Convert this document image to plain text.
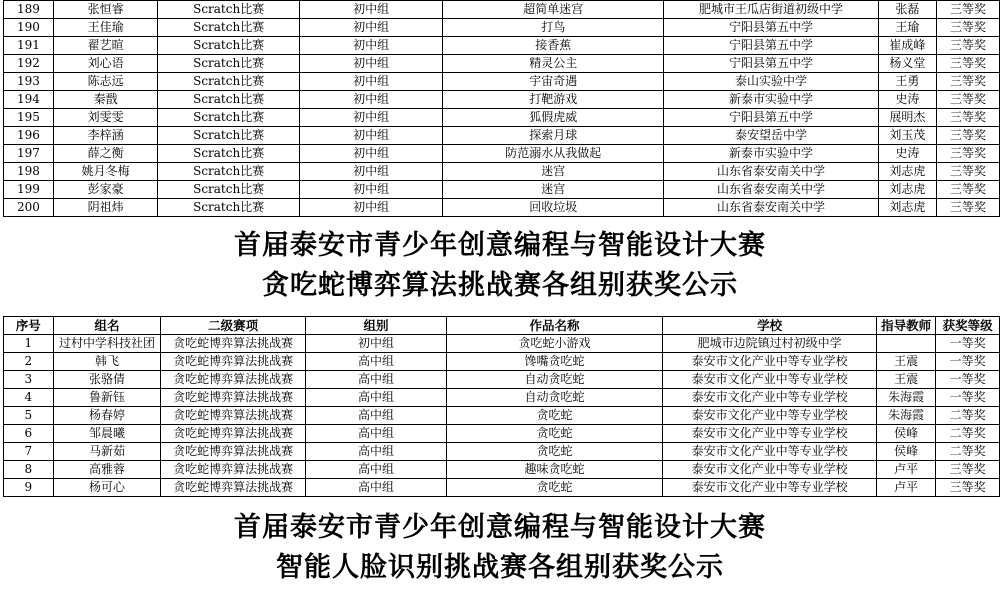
189	张恒睿	Scratch比赛	初中组	超简单迷宫	肥城市王瓜店街道初级中学	张磊	三等奖
190	王佳瑜	Scratch比赛	初中组	打鸟	宁阳县第五中学	王瑜	三等奖
191	翟艺暄	Scratch比赛	初中组	接香蕉	宁阳县第五中学	崔成峰	三等奖
192	刘心语	Scratch比赛	初中组	精灵公主	宁阳县第五中学	杨义堂	三等奖
193	陈志远	Scratch比赛	初中组	宇宙奇遇	泰山实验中学	王勇	三等奖
194	秦戬	Scratch比赛	初中组	打靶游戏	新泰市实验中学	史涛	三等奖
195	刘雯雯	Scratch比赛	初中组	狐假虎威	宁阳县第五中学	展明杰	三等奖
196	李梓涵	Scratch比赛	初中组	探索月球	泰安望岳中学	刘玉茂	三等奖
197	薛之衡	Scratch比赛	初中组	防范溺水从我做起	新泰市实验中学	史涛	三等奖
198	姚月冬梅	Scratch比赛	初中组	迷宫	山东省泰安南关中学	刘志虎	三等奖
199	彭家豪	Scratch比赛	初中组	迷宫	山东省泰安南关中学	刘志虎	三等奖
200	阴祖炜	Scratch比赛	初中组	回收垃圾	山东省泰安南关中学	刘志虎	三等奖
首届泰安市青少年创意编程与智能设计大赛
贪吃蛇博弈算法挑战赛各组别获奖公示
序号	组名	二级赛项	组别	作品名称	学校	指导教师	获奖等级
1	过村中学科技社团	贪吃蛇博弈算法挑战赛	初中组	贪吃蛇小游戏	肥城市边院镇过村初级中学		一等奖
2	韩飞	贪吃蛇博弈算法挑战赛	高中组	馋嘴贪吃蛇	泰安市文化产业中等专业学校	王震	一等奖
3	张骆倩	贪吃蛇博弈算法挑战赛	高中组	自动贪吃蛇	泰安市文化产业中等专业学校	王震	一等奖
4	鲁新钰	贪吃蛇博弈算法挑战赛	高中组	自动贪吃蛇	泰安市文化产业中等专业学校	朱海霞	一等奖
5	杨春婷	贪吃蛇博弈算法挑战赛	高中组	贪吃蛇	泰安市文化产业中等专业学校	朱海霞	二等奖
6	邹晨曦	贪吃蛇博弈算法挑战赛	高中组	贪吃蛇	泰安市文化产业中等专业学校	侯峰	二等奖
7	马新茹	贪吃蛇博弈算法挑战赛	高中组	贪吃蛇	泰安市文化产业中等专业学校	侯峰	二等奖
8	高雅蓉	贪吃蛇博弈算法挑战赛	高中组	趣味贪吃蛇	泰安市文化产业中等专业学校	卢平	三等奖
9	杨可心	贪吃蛇博弈算法挑战赛	高中组	贪吃蛇	泰安市文化产业中等专业学校	卢平	三等奖
首届泰安市青少年创意编程与智能设计大赛
智能人脸识别挑战赛各组别获奖公示
